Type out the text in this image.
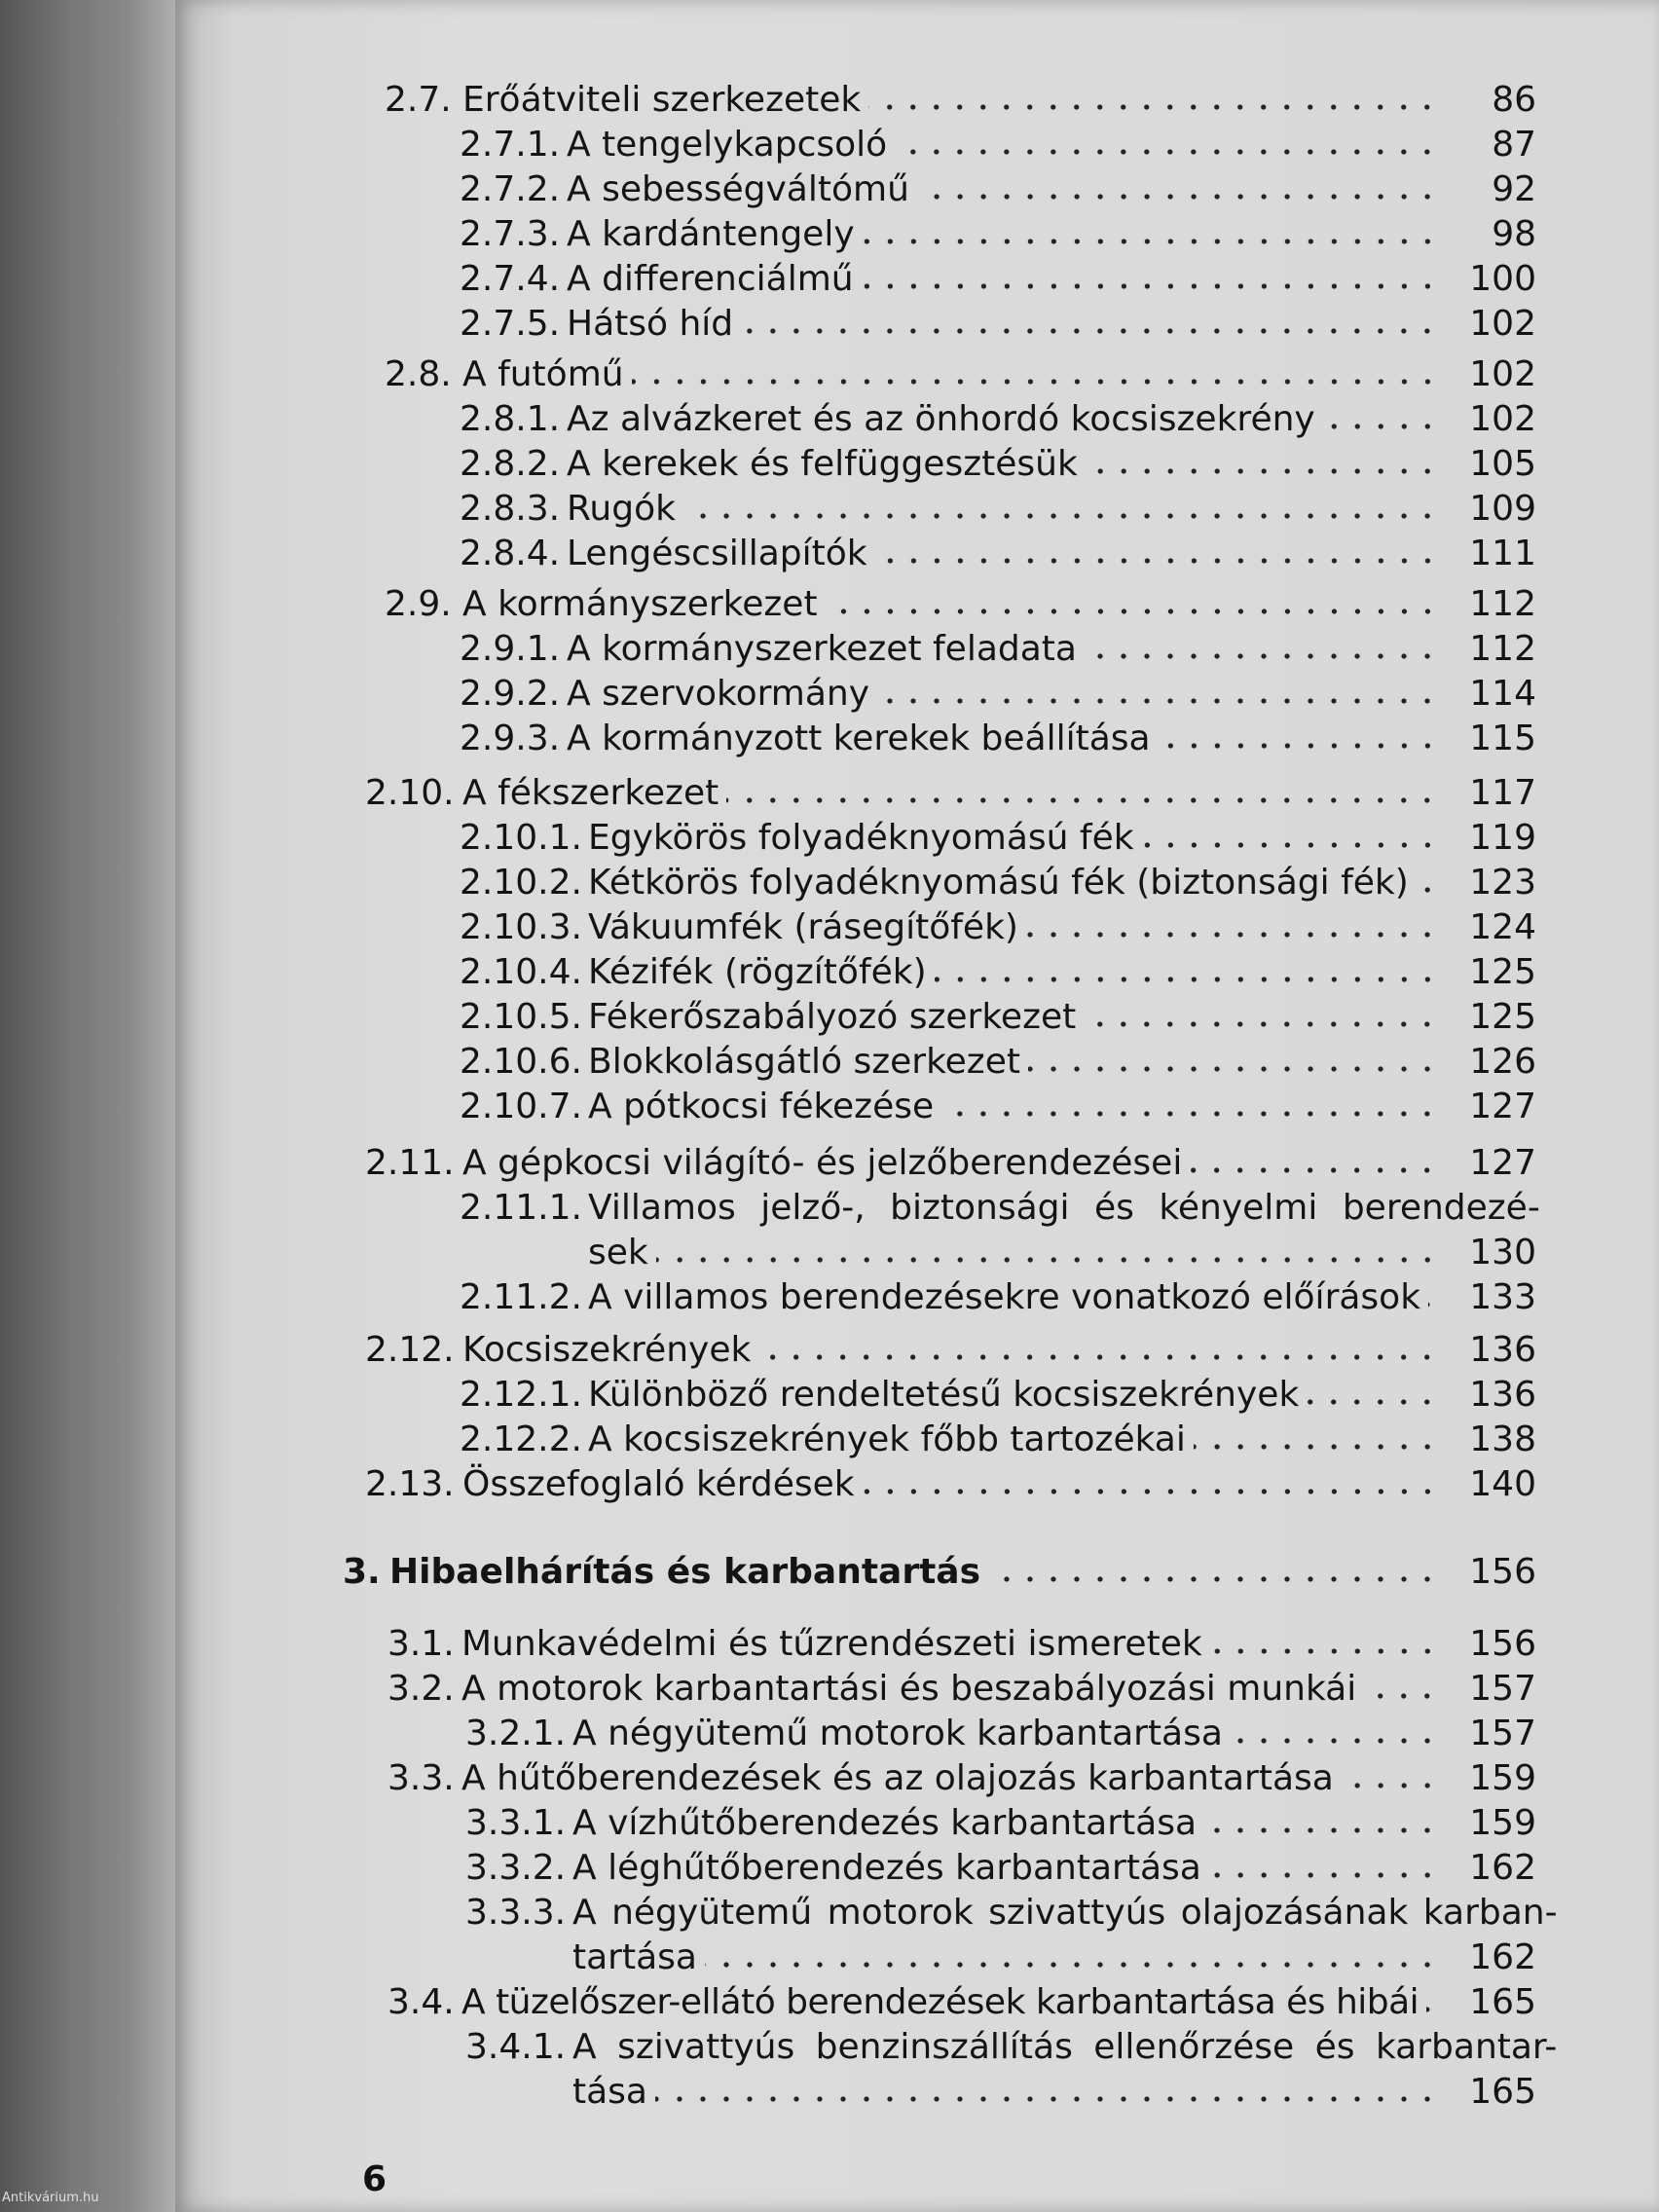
2.7. Erőátviteli szerkezetek	86
2.7.1. A tengelykapcsoló	87
2.7.2. A sebességváltómű	92
2.7.3. A kardántengely	98
2.7.4. A differenciálmű	100
2.7.5. Hátsó híd	102
2.8. A futómű	102
2.8.1. Az alvázkeret és az önhordó kocsiszekrény	102
2.8.2. A kerekek és felfüggesztésük	105
2.8.3. Rugók	109
2.8.4. Lengéscsillapítók	111
2.9. A kormányszerkezet	112
2.9.1. A kormányszerkezet feladata	112
2.9.2. A szervokormány	114
2.9.3. A kormányzott kerekek beállítása	115
2.10. A fékszerkezet	117
2.10.1. Egykörös folyadéknyomású fék	119
2.10.2. Kétkörös folyadéknyomású fék (biztonsági fék)	123
2.10.3. Vákuumfék (rásegítőfék)	124
2.10.4. Kézifék (rögzítőfék)	125
2.10.5. Fékerőszabályozó szerkezet	125
2.10.6. Blokkolásgátló szerkezet	126
2.10.7. A pótkocsi fékezése	127
2.11. A gépkocsi világító- és jelzőberendezései	127
2.11.1. Villamos jelző-, biztonsági és kényelmi berendezé-
sek	130
2.11.2. A villamos berendezésekre vonatkozó előírások	133
2.12. Kocsiszekrények	136
2.12.1. Különböző rendeltetésű kocsiszekrények	136
2.12.2. A kocsiszekrények főbb tartozékai	138
2.13. Összefoglaló kérdések	140
3. Hibaelhárítás és karbantartás	156
3.1. Munkavédelmi és tűzrendészeti ismeretek	156
3.2. A motorok karbantartási és beszabályozási munkái	157
3.2.1. A négyütemű motorok karbantartása	157
3.3. A hűtőberendezések és az olajozás karbantartása	159
3.3.1. A vízhűtőberendezés karbantartása	159
3.3.2. A léghűtőberendezés karbantartása	162
3.3.3. A négyütemű motorok szivattyús olajozásának karban-
tartása	162
3.4. A tüzelőszer-ellátó berendezések karbantartása és hibái	165
3.4.1. A szivattyús benzinszállítás ellenőrzése és karbantar-
tása	165
6
Antikvárium.hu
